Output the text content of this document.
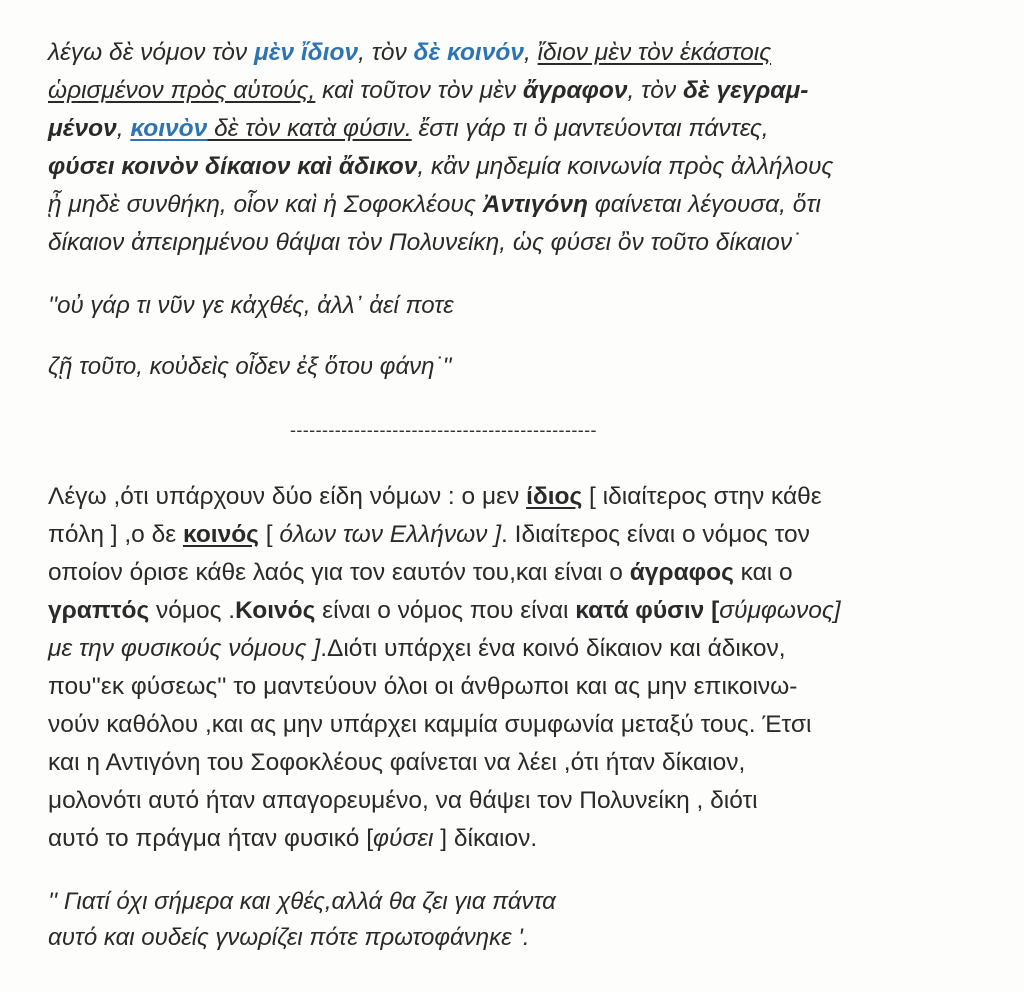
λέγω δὲ νόμον τὸν μὲν ἴδιον, τὸν δὲ κοινόν, ἴδιον μὲν τὸν ἑκάστοις
ὡρισμένον πρὸς αὑτούς, καὶ τοῦτον τὸν μὲν ἄγραφον, τὸν δὲ γεγραμ-
μένον, κοινὸν δὲ τὸν κατὰ φύσιν. ἔστι γάρ τι ὃ μαντεύονται πάντες,
φύσει κοινὸν δίκαιον καὶ ἄδικον, κἂν μηδεμία κοινωνία πρὸς ἀλλήλους
ᾖ μηδὲ συνθήκη, οἷον καὶ ἡ Σοφοκλέους Ἀντιγόνη φαίνεται λέγουσα, ὅτι
δίκαιον ἀπειρημένου θάψαι τὸν Πολυνείκη, ὡς φύσει ὂν τοῦτο δίκαιον˙
''οὐ γάρ τι νῦν γε κἀχθές, ἀλλ᾽ ἀεί ποτε
ζῇ τοῦτο, κοὐδεὶς οἶδεν ἐξ ὅτου φάνη˙''
------------------------------------------------
Λέγω ,ότι υπάρχουν δύο είδη νόμων : ο μεν ίδιος [ ιδιαίτερος στην κάθε
πόλη ] ,ο δε κοινός [ όλων των Ελλήνων ]. Ιδιαίτερος είναι ο νόμος τον
οποίον όρισε κάθε λαός για τον εαυτόν του,και είναι ο άγραφος και ο
γραπτός νόμος .Κοινός είναι ο νόμος που είναι κατά φύσιν [σύμφωνος]
με την φυσικούς νόμους ].Διότι υπάρχει ένα κοινό δίκαιον και άδικον,
που''εκ φύσεως'' το μαντεύουν όλοι οι άνθρωποι και ας μην επικοινω-
νούν καθόλου ,και ας μην υπάρχει καμμία συμφωνία μεταξύ τους. Έτσι
και η Αντιγόνη του Σοφοκλέους φαίνεται να λέει ,ότι ήταν δίκαιον,
μολονότι αυτό ήταν απαγορευμένο, να θάψει τον Πολυνείκη , διότι
αυτό το πράγμα ήταν φυσικό [φύσει ] δίκαιον.
'' Γιατί όχι σήμερα και χθές,αλλά θα ζει για πάντα
αυτό και ουδείς γνωρίζει πότε πρωτοφάνηκε '.
